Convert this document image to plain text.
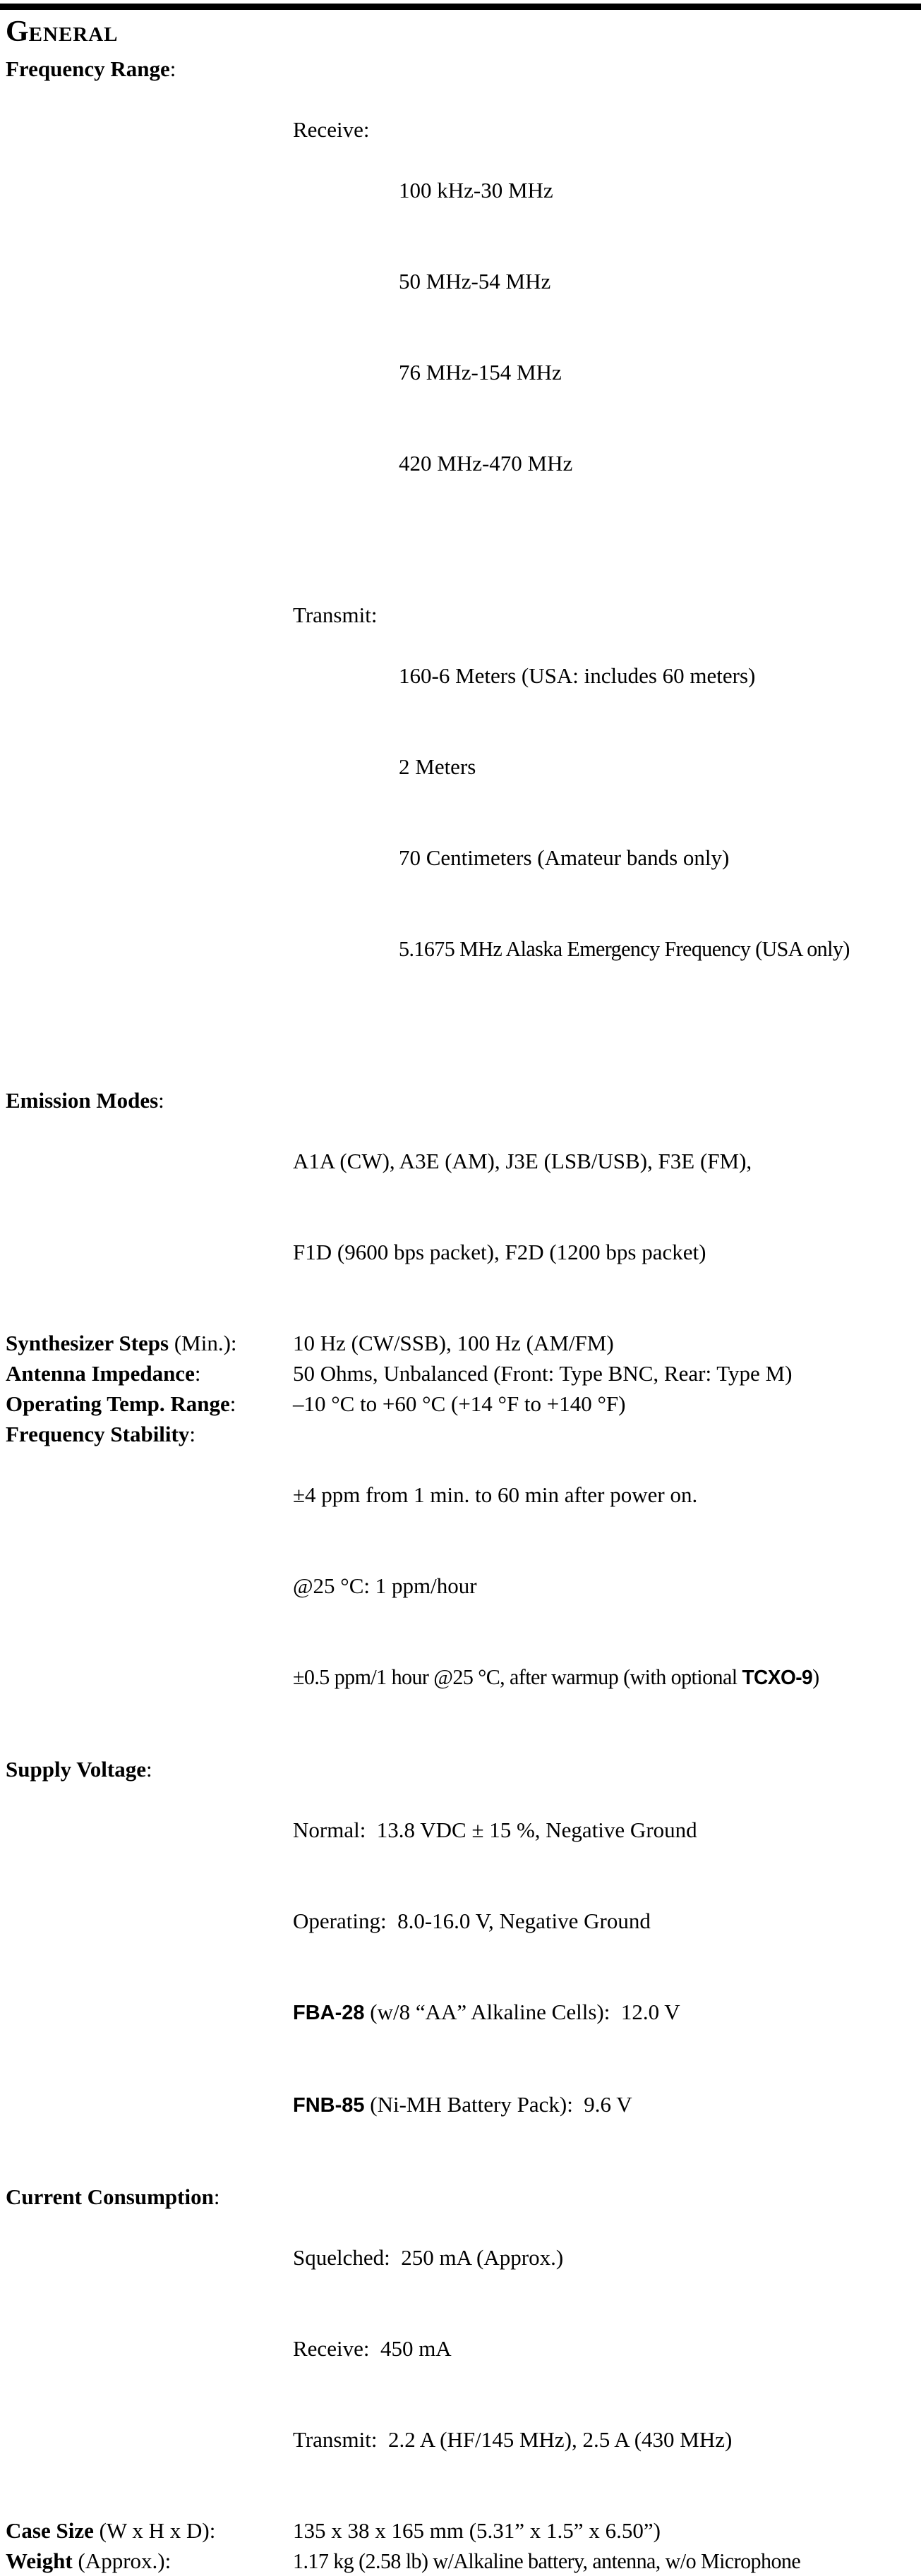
GENERAL
Frequency Range:

Receive:

100 kHz-30 MHz

50 MHz-54 MHz

76 MHz-154 MHz

420 MHz-470 MHz

Transmit:

160-6 Meters (USA: includes 60 meters)

2 Meters

70 Centimeters (Amateur bands only)

5.1675 MHz Alaska Emergency Frequency (USA only)

Emission Modes:

A1A (CW), A3E (AM), J3E (LSB/USB), F3E (FM),

F1D (9600 bps packet), F2D (1200 bps packet)

Synthesizer Steps (Min.):	10 Hz (CW/SSB), 100 Hz (AM/FM)
Antenna Impedance:	50 Ohms, Unbalanced (Front: Type BNC, Rear: Type M)
Operating Temp. Range:	–10 °C to +60 °C (+14 °F to +140 °F)
Frequency Stability:

±4 ppm from 1 min. to 60 min after power on.

@25 °C: 1 ppm/hour

±0.5 ppm/1 hour @25 °C, after warmup (with optional TCXO-9)

Supply Voltage:

Normal:  13.8 VDC ± 15 %, Negative Ground

Operating:  8.0-16.0 V, Negative Ground

FBA-28 (w/8 “AA” Alkaline Cells):  12.0 V

FNB-85 (Ni-MH Battery Pack):  9.6 V

Current Consumption:

Squelched:  250 mA (Approx.)

Receive:  450 mA

Transmit:  2.2 A (HF/145 MHz), 2.5 A (430 MHz)

Case Size (W x H x D):	135 x 38 x 165 mm (5.31” x 1.5” x 6.50”)
Weight (Approx.):	1.17 kg (2.58 lb) w/Alkaline battery, antenna, w/o Microphone
